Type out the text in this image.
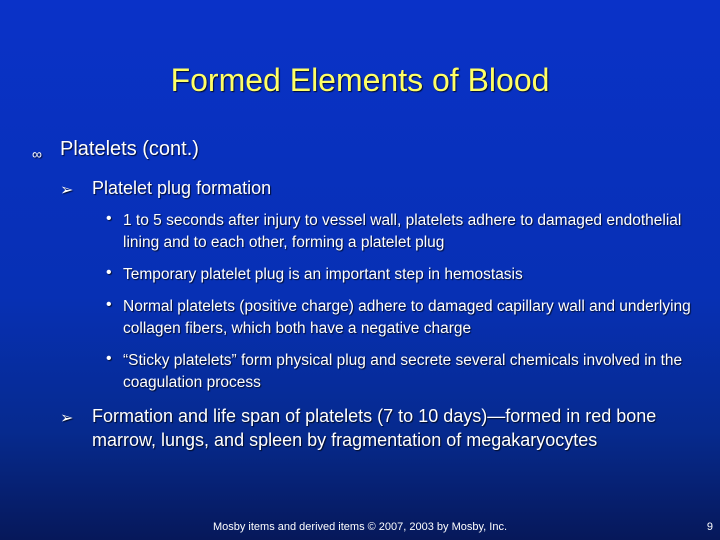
Formed Elements of Blood
∞ Platelets (cont.)
➢ Platelet plug formation
• 1 to 5 seconds after injury to vessel wall, platelets adhere to damaged endothelial lining and to each other, forming a platelet plug
• Temporary platelet plug is an important step in hemostasis
• Normal platelets (positive charge) adhere to damaged capillary wall and underlying collagen fibers, which both have a negative charge
• “Sticky platelets” form physical plug and secrete several chemicals involved in the coagulation process
➢ Formation and life span of platelets (7 to 10 days)—formed in red bone marrow, lungs, and spleen by fragmentation of megakaryocytes
Mosby items and derived items © 2007, 2003 by Mosby, Inc.	9
